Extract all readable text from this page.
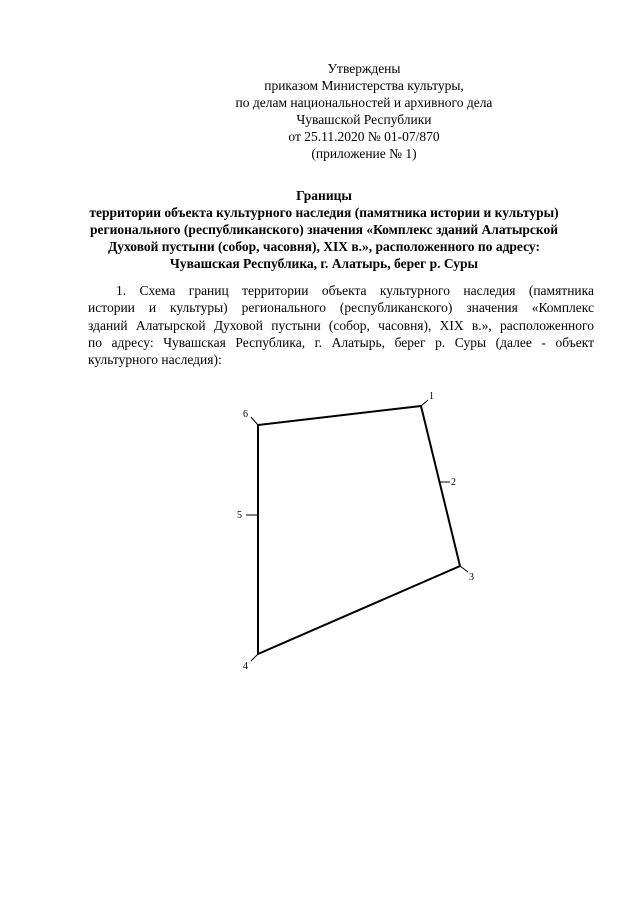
Утверждены
приказом Министерства культуры,
по делам национальностей и архивного дела
Чувашской Республики
от 25.11.2020 № 01-07/870
(приложение № 1)
Границы
территории объекта культурного наследия (памятника истории и культуры)
регионального (республиканского) значения «Комплекс зданий Алатырской
Духовой пустыни (собор, часовня), XIX в.», расположенного по адресу:
Чувашская Республика, г. Алатырь, берег р. Суры
1. Схема границ территории объекта культурного наследия (памятника
истории и культуры) регионального (республиканского) значения «Комплекс
зданий Алатырской Духовой пустыни (собор, часовня), XIX в.», расположенного
по адресу: Чувашская Республика, г. Алатырь, берег р. Суры (далее - объект
культурного наследия):
1
2
3
4
5
6
